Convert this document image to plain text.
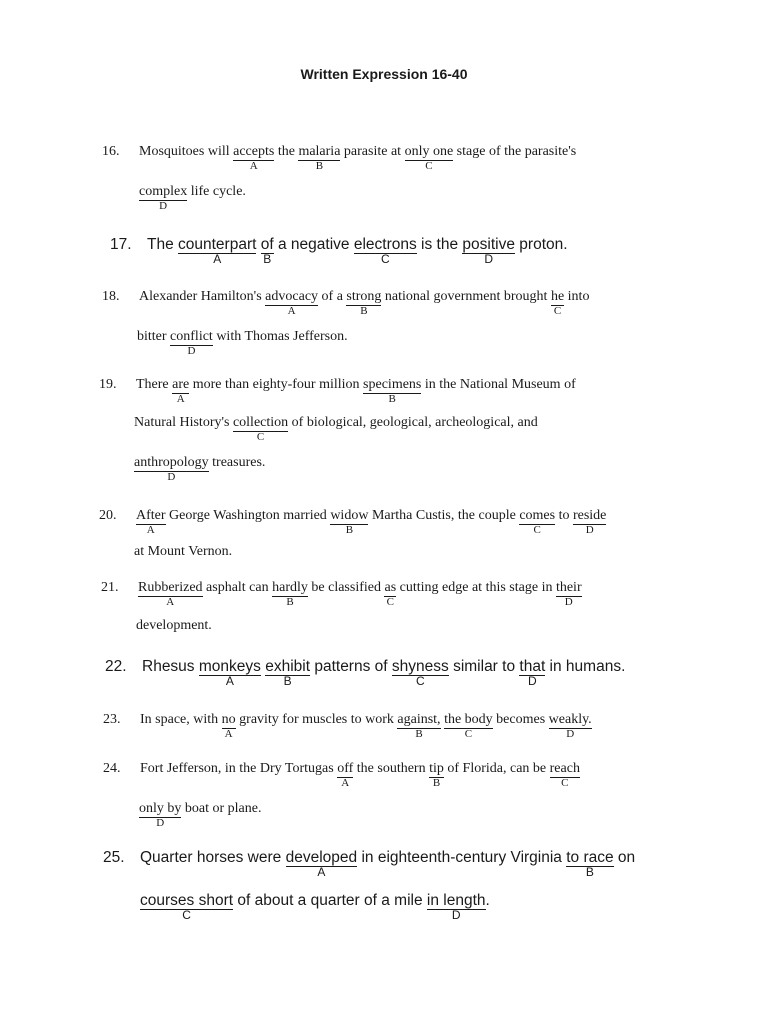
Written Expression 16-40
16. Mosquitoes will accepts
A
the malaria
B
parasite at only one
C
stage of the parasite's
complex
D
life cycle.
17. The counterpart
A
of
B
a negative electrons
C
is the positive
D
proton.
18. Alexander Hamilton's advocacy
A
of a strong
B
national government brought he
C
into
bitter conflict
D
with Thomas Jefferson.
19. There are
A
more than eighty-four million specimens
B
in the National Museum of
Natural History's collection
C
of biological, geological, archeological, and
anthropology
D
treasures.
20. After
A
George Washington married widow
B
Martha Custis, the couple comes
C
to reside
D
at Mount Vernon.
21. Rubberized
A
asphalt can hardly
B
be classified as
C
cutting edge at this stage in their
D
development.
22. Rhesus monkeys
A
exhibit
B
patterns of shyness
C
similar to that
D
in humans.
23. In space, with no
A
gravity for muscles to work against,
B
the body
C
becomes weakly.
D
24. Fort Jefferson, in the Dry Tortugas off
A
the southern tip
B
of Florida, can be reach
C
only by
D
boat or plane.
25. Quarter horses were developed
A
in eighteenth-century Virginia to race
B
on
courses short
C
of about a quarter of a mile in length
D
.
